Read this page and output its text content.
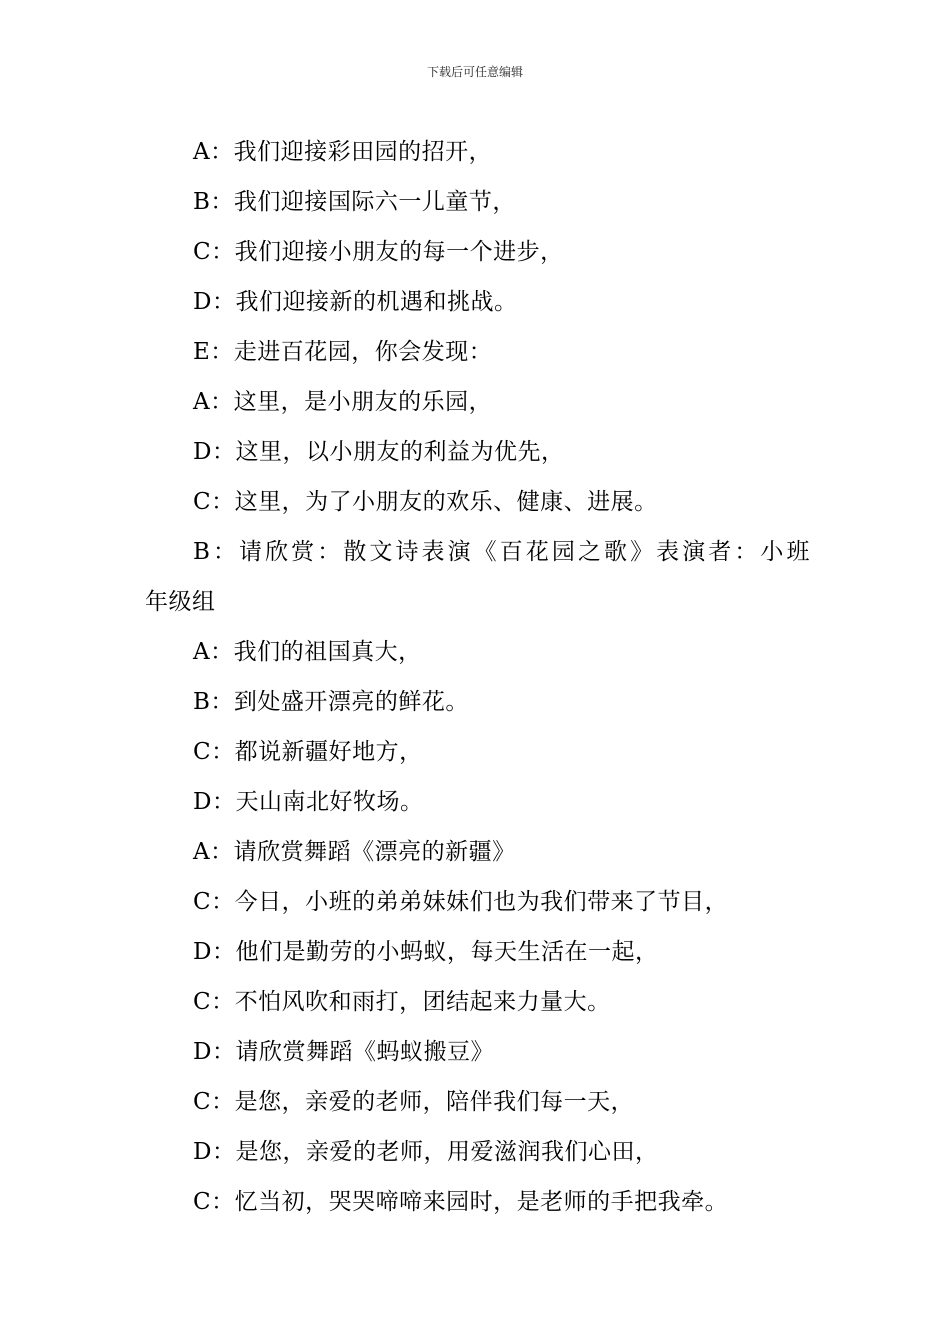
下载后可任意编辑
A：我们迎接彩田园的招开，
B：我们迎接国际六一儿童节，
C：我们迎接小朋友的每一个进步，
D：我们迎接新的机遇和挑战。
E：走进百花园，你会发现：
A：这里，是小朋友的乐园，
D：这里，以小朋友的利益为优先，
C：这里，为了小朋友的欢乐、健康、进展。
B：请欣赏：散文诗表演《百花园之歌》表演者：小班
年级组
A：我们的祖国真大，
B：到处盛开漂亮的鲜花。
C：都说新疆好地方，
D：天山南北好牧场。
A：请欣赏舞蹈《漂亮的新疆》
C：今日，小班的弟弟妹妹们也为我们带来了节目，
D：他们是勤劳的小蚂蚁，每天生活在一起，
C：不怕风吹和雨打，团结起来力量大。
D：请欣赏舞蹈《蚂蚁搬豆》
C：是您，亲爱的老师，陪伴我们每一天，
D：是您，亲爱的老师，用爱滋润我们心田，
C：忆当初，哭哭啼啼来园时，是老师的手把我牵。
